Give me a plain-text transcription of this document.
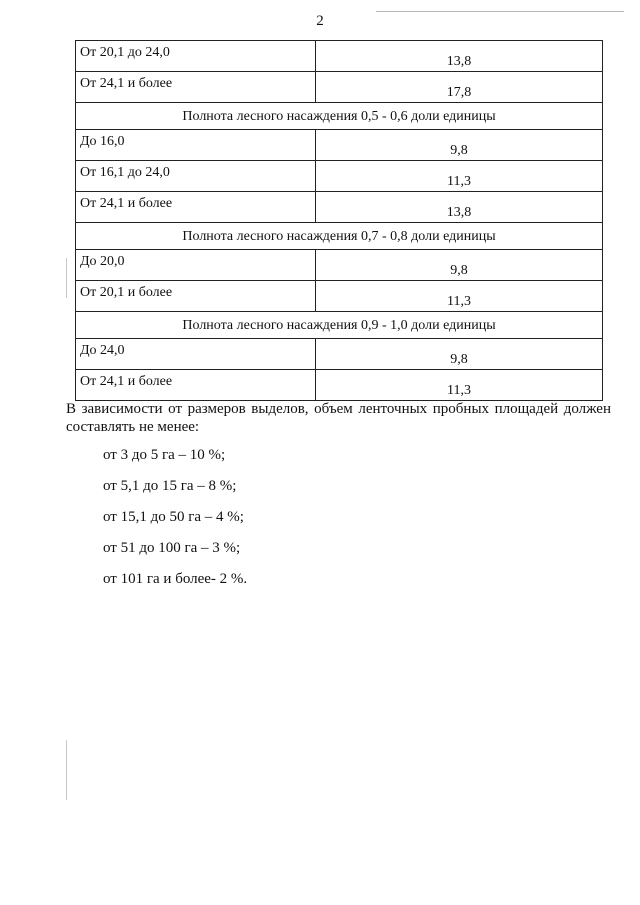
2
От 20,1 до 24,0	13,8
От 24,1 и более	17,8
Полнота лесного насаждения 0,5 - 0,6 доли единицы	
До 16,0	9,8
От 16,1 до 24,0	11,3
От 24,1 и более	13,8
Полнота лесного насаждения 0,7 - 0,8 доли единицы	
До 20,0	9,8
От 20,1 и более	11,3
Полнота лесного насаждения 0,9 - 1,0 доли единицы	
До 24,0	9,8
От 24,1 и более	11,3
В зависимости от размеров выделов, объем ленточных пробных площадей должен составлять не менее:
от 3 до 5 га – 10 %;
от 5,1 до 15 га – 8 %;
от 15,1 до 50 га – 4 %;
от 51 до 100 га – 3 %;
от 101 га и более- 2 %.
